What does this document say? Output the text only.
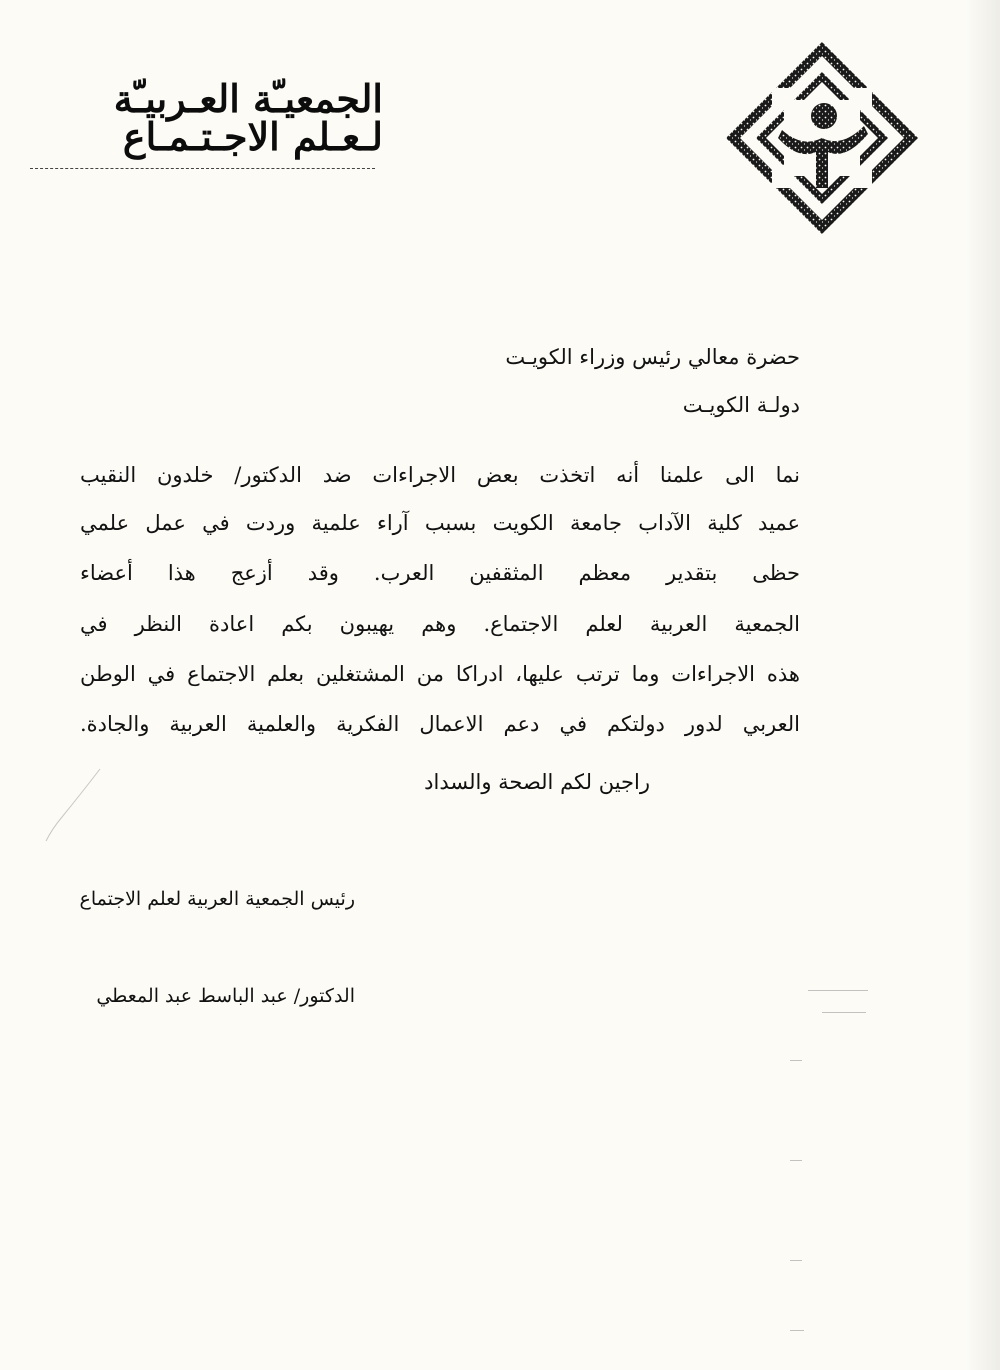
الجمعيـّة العـربيـّة
لـعـلم الاجـتـمـاع
حضرة معالي رئيس وزراء الكويـت
دولـة الكويـت
نما الى علمنا أنه اتخذت بعض الاجراءات ضد الدكتور/ خلدون النقيب
عميد كلية الآداب جامعة الكويت بسبب آراء علمية وردت في عمل علمي
حظى بتقدير معظم المثقفين العرب. وقد أزعج هذا أعضاء
الجمعية العربية لعلم الاجتماع. وهم يهيبون بكم اعادة النظر في
هذه الاجراءات وما ترتب عليها، ادراكا من المشتغلين بعلم الاجتماع في الوطن
العربي لدور دولتكم في دعم الاعمال الفكرية والعلمية العربية والجادة.
راجين لكم الصحة والسداد
رئيس الجمعية العربية لعلم الاجتماع
الدكتور/ عبد الباسط عبد المعطي
